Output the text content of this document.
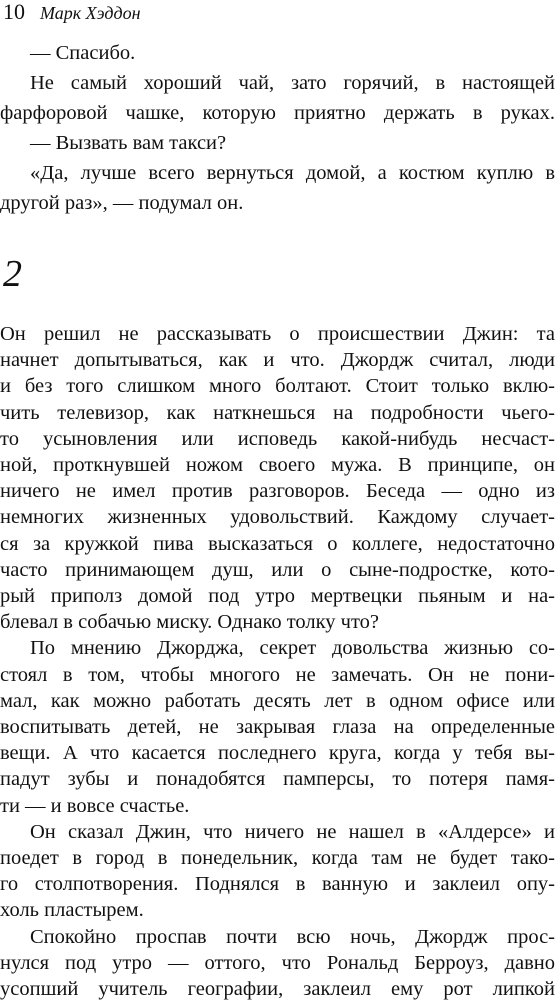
10 Марк Хэддон
— Спасибо.
Не самый хороший чай, зато горячий, в настоящей
фарфоровой чашке, которую приятно держать в руках.
— Вызвать вам такси?
«Да, лучше всего вернуться домой, а костюм куплю в
другой раз», — подумал он.
2
Он решил не рассказывать о происшествии Джин: та
начнет допытываться, как и что. Джордж считал, люди
и без того слишком много болтают. Стоит только вклю-
чить телевизор, как наткнешься на подробности чьего-
то усыновления или исповедь какой-нибудь несчаст-
ной, проткнувшей ножом своего мужа. В принципе, он
ничего не имел против разговоров. Беседа — одно из
немногих жизненных удовольствий. Каждому случает-
ся за кружкой пива высказаться о коллеге, недостаточно
часто принимающем душ, или о сыне-подростке, кото-
рый приполз домой под утро мертвецки пьяным и на-
блевал в собачью миску. Однако толку что?
По мнению Джорджа, секрет довольства жизнью со-
стоял в том, чтобы многого не замечать. Он не пони-
мал, как можно работать десять лет в одном офисе или
воспитывать детей, не закрывая глаза на определенные
вещи. А что касается последнего круга, когда у тебя вы-
падут зубы и понадобятся памперсы, то потеря памя-
ти — и вовсе счастье.
Он сказал Джин, что ничего не нашел в «Алдерсе» и
поедет в город в понедельник, когда там не будет тако-
го столпотворения. Поднялся в ванную и заклеил опу-
холь пластырем.
Спокойно проспав почти всю ночь, Джордж прос-
нулся под утро — оттого, что Рональд Берроуз, давно
усопший учитель географии, заклеил ему рот липкой
